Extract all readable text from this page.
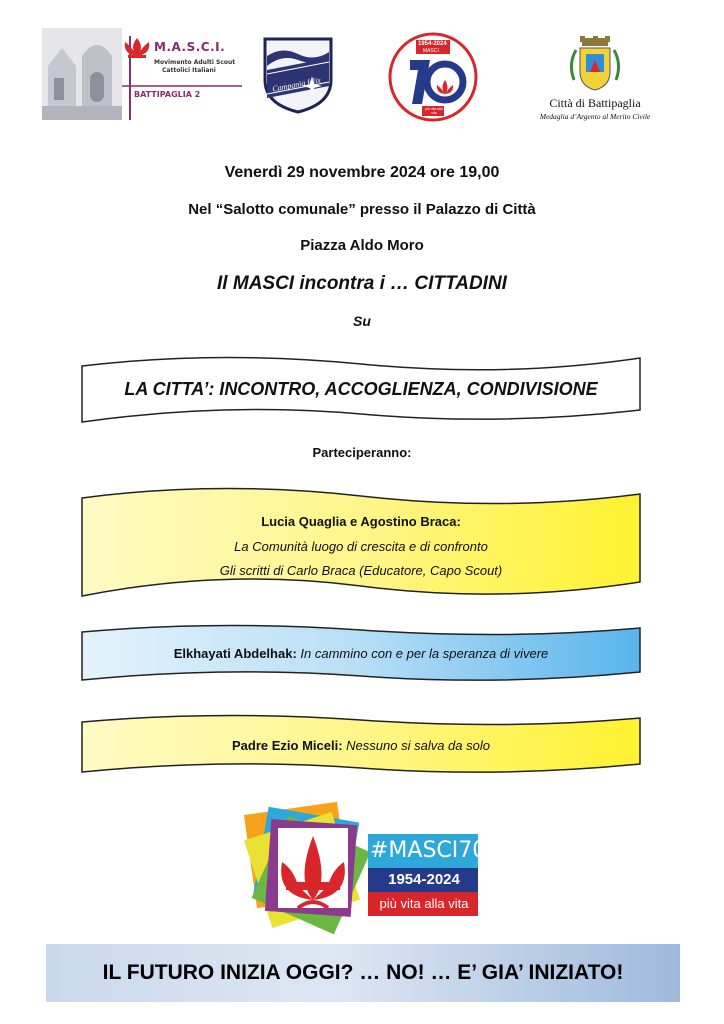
M.A.S.C.I.
Movimento Adulti Scout
Cattolici Italiani
BATTIPAGLIA 2
Campania felix
1954-2024
MASCI
più vita alla vita
Città di Battipaglia
Medaglia d’Argento al Merito Civile
Venerdì 29 novembre 2024 ore 19,00
Nel “Salotto comunale” presso il Palazzo di Città
Piazza Aldo Moro
Il MASCI incontra i … CITTADINI
Su
LA CITTA’: INCONTRO, ACCOGLIENZA, CONDIVISIONE
Parteciperanno:
Lucia Quaglia e Agostino Braca:
La Comunità luogo di crescita e di confronto
Gli scritti di Carlo Braca (Educatore, Capo Scout)
Elkhayati Abdelhak: In cammino con e per la speranza di vivere
Padre Ezio Miceli: Nessuno si salva da solo
#MASCI70
1954-2024
più vita alla vita
IL FUTURO INIZIA OGGI? … NO! … E’ GIA’ INIZIATO!
